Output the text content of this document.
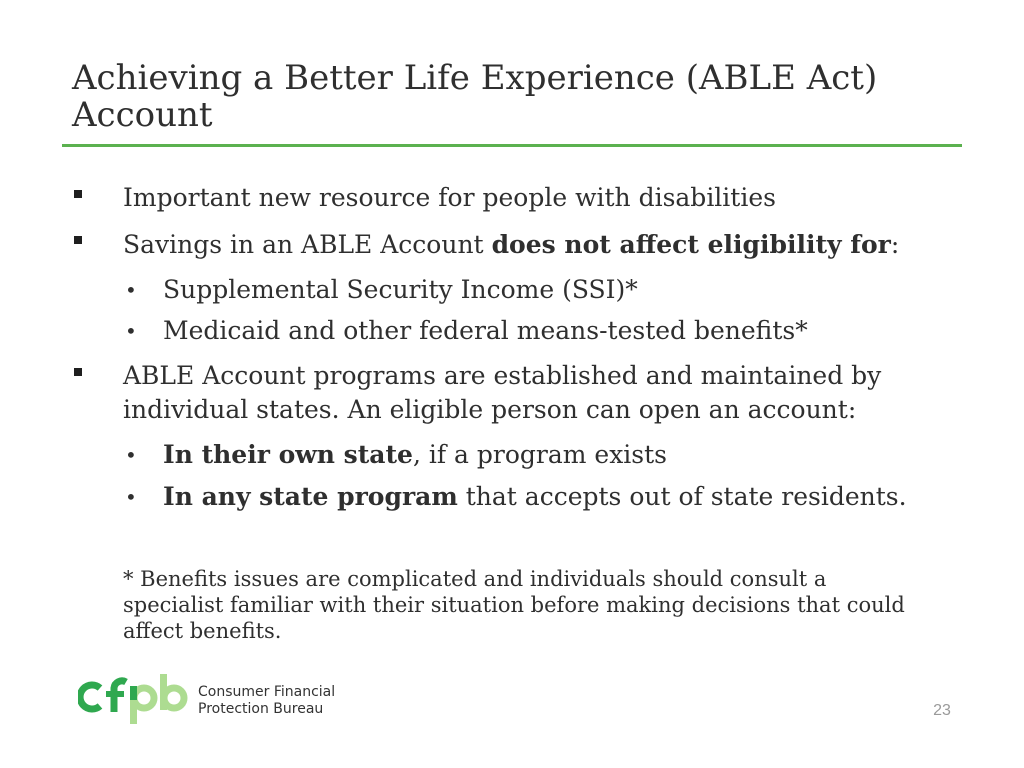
Achieving a Better Life Experience (ABLE Act) Account
Important new resource for people with disabilities
Savings in an ABLE Account does not affect eligibility for:
• Supplemental Security Income (SSI)*
• Medicaid and other federal means-tested benefits*
ABLE Account programs are established and maintained by individual states. An eligible person can open an account:
• In their own state, if a program exists
• In any state program that accepts out of state residents.
* Benefits issues are complicated and individuals should consult a specialist familiar with their situation before making decisions that could affect benefits.
Consumer Financial
Protection Bureau	23
